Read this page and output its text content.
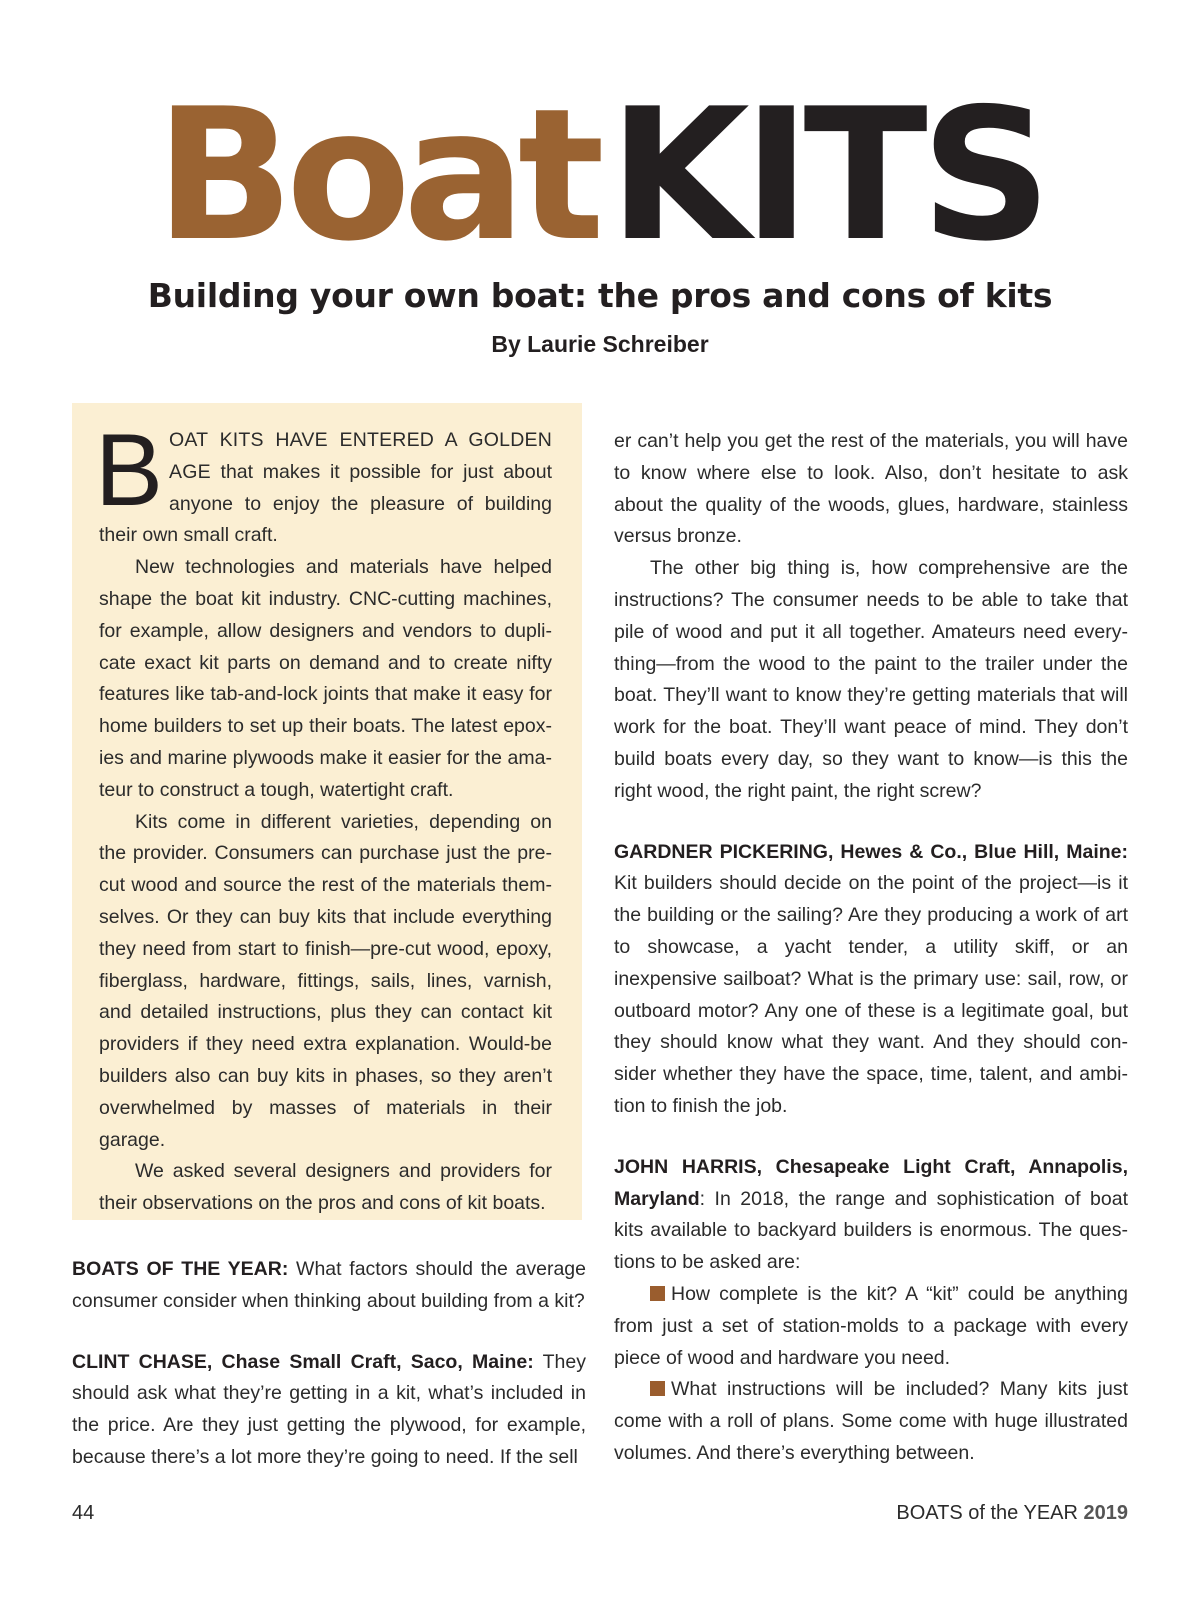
BoatKITS
Building your own boat: the pros and cons of kits
By Laurie Schreiber

BOAT KITS HAVE ENTERED A GOLDEN AGE that makes it possible for just about anyone to enjoy the pleasure of building their own small craft.

New technologies and materials have helped shape the boat kit industry. CNC-cutting machines, for example, allow designers and vendors to duplicate exact kit parts on demand and to create nifty features like tab-and-lock joints that make it easy for home builders to set up their boats. The latest epoxies and marine plywoods make it easier for the amateur to construct a tough, watertight craft.

Kits come in different varieties, depending on the provider. Consumers can purchase just the precut wood and source the rest of the materials themselves. Or they can buy kits that include everything they need from start to finish—pre-cut wood, epoxy, fiberglass, hardware, fittings, sails, lines, varnish, and detailed instructions, plus they can contact kit providers if they need extra explanation. Would-be builders also can buy kits in phases, so they aren’t overwhelmed by masses of materials in their garage.

We asked several designers and providers for their observations on the pros and cons of kit boats.

BOATS OF THE YEAR: What factors should the average consumer consider when thinking about building from a kit?

CLINT CHASE, Chase Small Craft, Saco, Maine: They should ask what they’re getting in a kit, what’s included in the price. Are they just getting the plywood, for example, because there’s a lot more they’re going to need. If the sell

er can’t help you get the rest of the materials, you will have to know where else to look. Also, don’t hesitate to ask about the quality of the woods, glues, hardware, stainless versus bronze.

The other big thing is, how comprehensive are the instructions? The consumer needs to be able to take that pile of wood and put it all together. Amateurs need everything—from the wood to the paint to the trailer under the boat. They’ll want to know they’re getting materials that will work for the boat. They’ll want peace of mind. They don’t build boats every day, so they want to know—is this the right wood, the right paint, the right screw?

GARDNER PICKERING, Hewes & Co., Blue Hill, Maine: Kit builders should decide on the point of the project—is it the building or the sailing? Are they producing a work of art to showcase, a yacht tender, a utility skiff, or an inexpensive sailboat? What is the primary use: sail, row, or outboard motor? Any one of these is a legitimate goal, but they should know what they want. And they should consider whether they have the space, time, talent, and ambition to finish the job.

JOHN HARRIS, Chesapeake Light Craft, Annapolis, Maryland: In 2018, the range and sophistication of boat kits available to backyard builders is enormous. The questions to be asked are:

How complete is the kit? A “kit” could be anything from just a set of station-molds to a package with every piece of wood and hardware you need.

What instructions will be included? Many kits just come with a roll of plans. Some come with huge illustrated volumes. And there’s everything between.

44	BOATS of the YEAR 2019
